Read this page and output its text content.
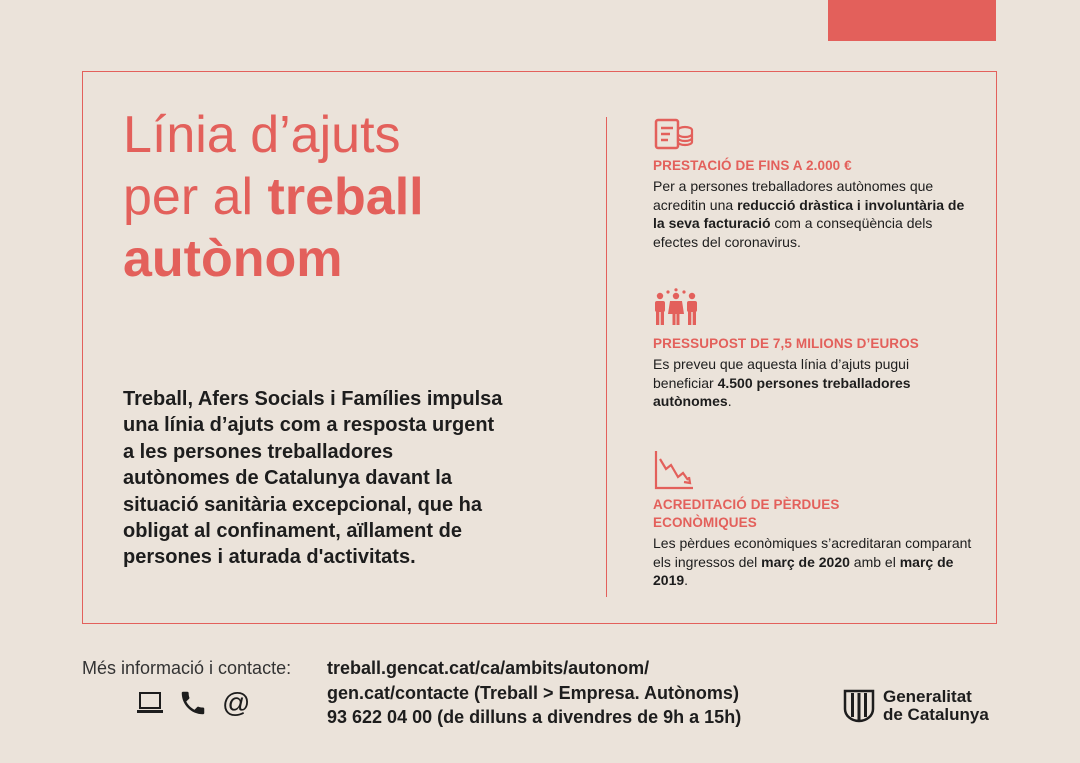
Línia d’ajuts
per al treball
autònom

Treball, Afers Socials i Famílies impulsa una línia d’ajuts com a resposta urgent a les persones treballadores autònomes de Catalunya davant la situació sanitària excepcional, que ha obligat al confinament, aïllament de persones i aturada d'activitats.

PRESTACIÓ DE FINS A 2.000 €

Per a persones treballadores autònomes que acreditin una reducció dràstica i involuntària de la seva facturació com a conseqüència dels efectes del coronavirus.

PRESSUPOST DE 7,5 MILIONS D’EUROS

Es preveu que aquesta línia d’ajuts pugui beneficiar 4.500 persones treballadores autònomes.

ACREDITACIÓ DE PÈRDUES ECONÒMIQUES

Les pèrdues econòmiques s’acreditaran comparant els ingressos del març de 2020 amb el març de 2019.

Més informació i contacte:
@
treball.gencat.cat/ca/ambits/autonom/
gen.cat/contacte (Treball > Empresa. Autònoms)
93 622 04 00 (de dilluns a divendres de 9h a 15h)
Generalitat
de Catalunya
